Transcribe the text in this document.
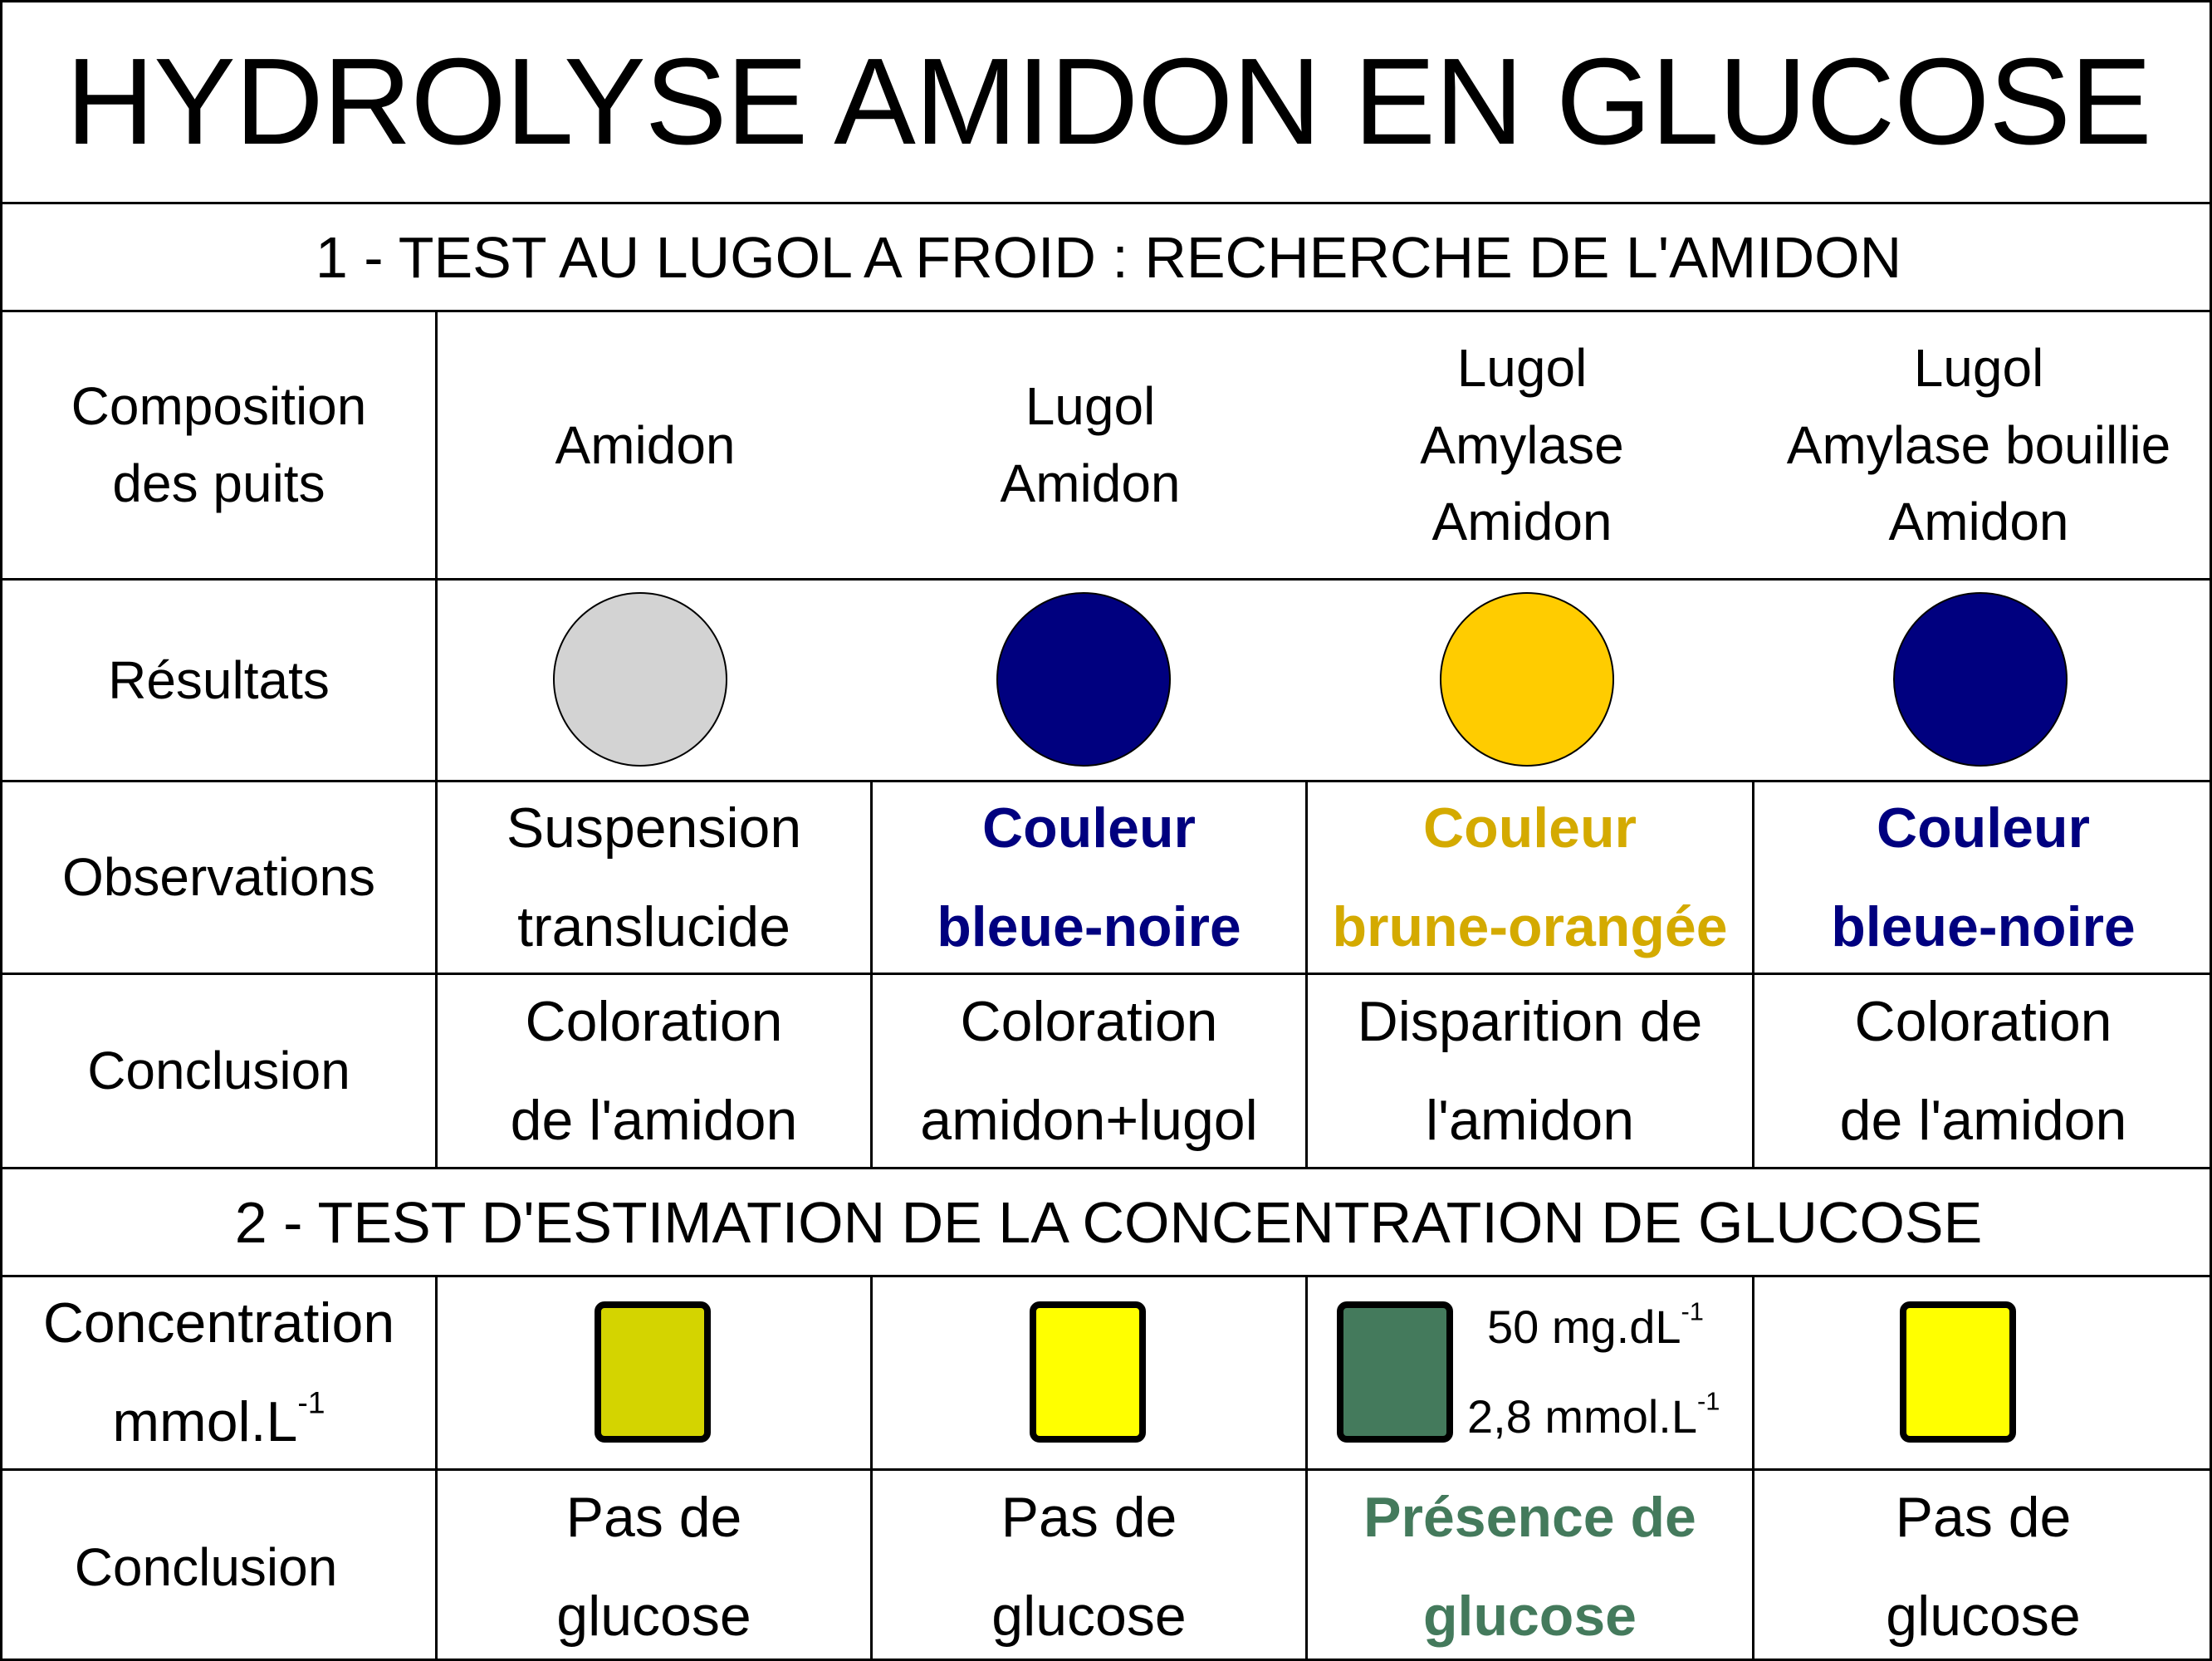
HYDROLYSE AMIDON EN GLUCOSE
1 - TEST AU LUGOL A FROID : RECHERCHE DE L'AMIDON
Composition
des puits
Amidon
Lugol
Amidon
Lugol
Amylase
Amidon
Lugol
Amylase bouillie
Amidon
Résultats
Observations
Suspension
translucide
Couleur
bleue-noire
Couleur
brune-orangée
Couleur
bleue-noire
Conclusion
Coloration
de l'amidon
Coloration
amidon+lugol
Disparition de
l'amidon
Coloration
de l'amidon
2 - TEST D'ESTIMATION DE LA CONCENTRATION DE GLUCOSE
Concentration
$mmol.L^{-1}$
50 $mg.dL^{-1}$
2,8 $mmol.L^{-1}$
Conclusion
Pas de
glucose
Pas de
glucose
Présence de
glucose
Pas de
glucose
